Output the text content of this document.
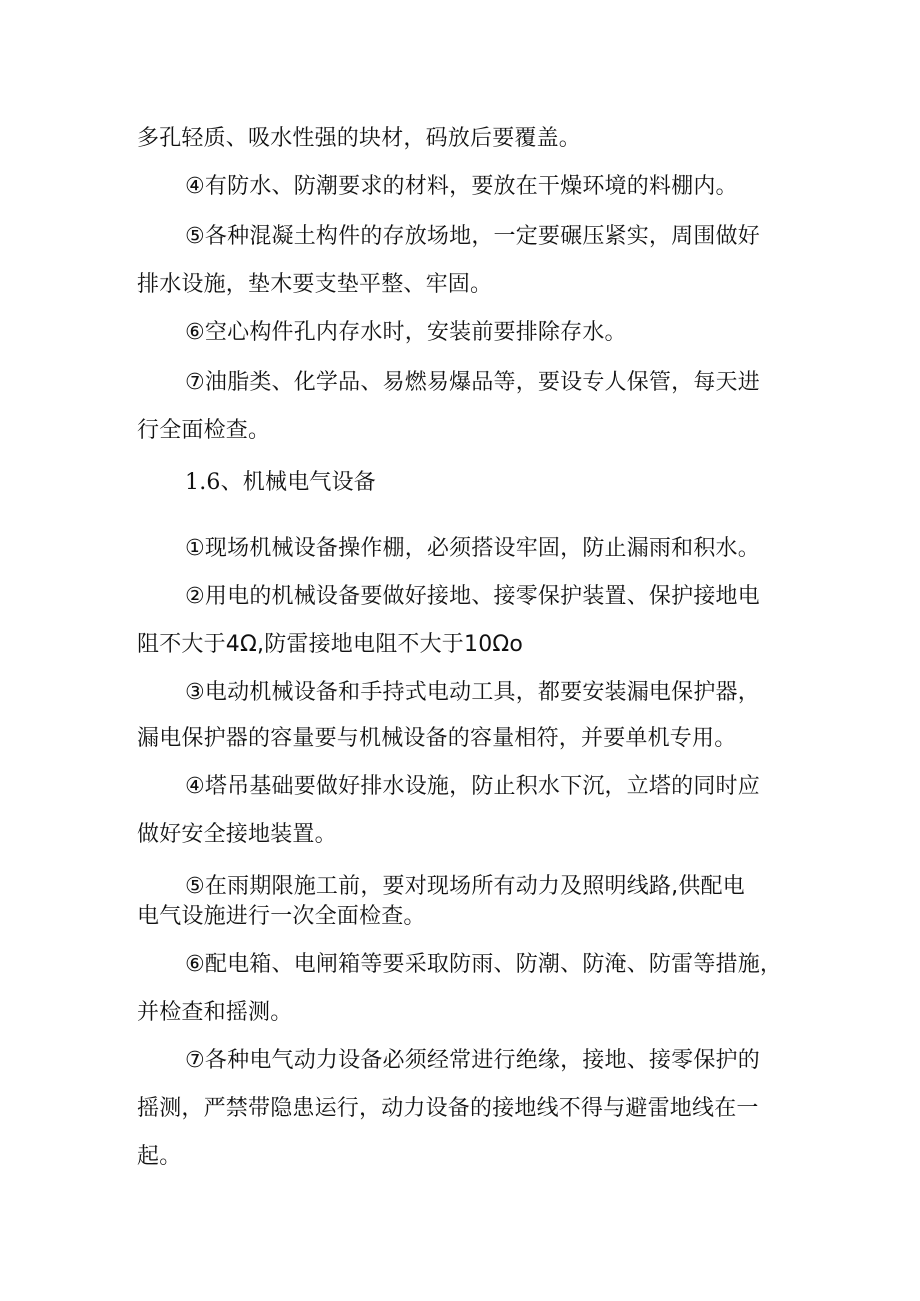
多孔轻质、吸水性强的块材，码放后要覆盖。
④有防水、防潮要求的材料，要放在干燥环境的料棚内。
⑤各种混凝土构件的存放场地，一定要碾压紧实，周围做好
排水设施，垫木要支垫平整、牢固。
⑥空心构件孔内存水时，安装前要排除存水。
⑦油脂类、化学品、易燃易爆品等，要设专人保管，每天进
行全面检查。
1.6、机械电气设备
①现场机械设备操作棚，必须搭设牢固，防止漏雨和积水。
②用电的机械设备要做好接地、接零保护装置、保护接地电
阻不大于4Ω,防雷接地电阻不大于10Ωo
③电动机械设备和手持式电动工具，都要安装漏电保护器，
漏电保护器的容量要与机械设备的容量相符，并要单机专用。
④塔吊基础要做好排水设施，防止积水下沉，立塔的同时应
做好安全接地装置。
⑤在雨期限施工前，要对现场所有动力及照明线路,供配电
电气设施进行一次全面检查。
⑥配电箱、电闸箱等要采取防雨、防潮、防淹、防雷等措施，
并检查和摇测。
⑦各种电气动力设备必须经常进行绝缘，接地、接零保护的
摇测，严禁带隐患运行，动力设备的接地线不得与避雷地线在一
起。
